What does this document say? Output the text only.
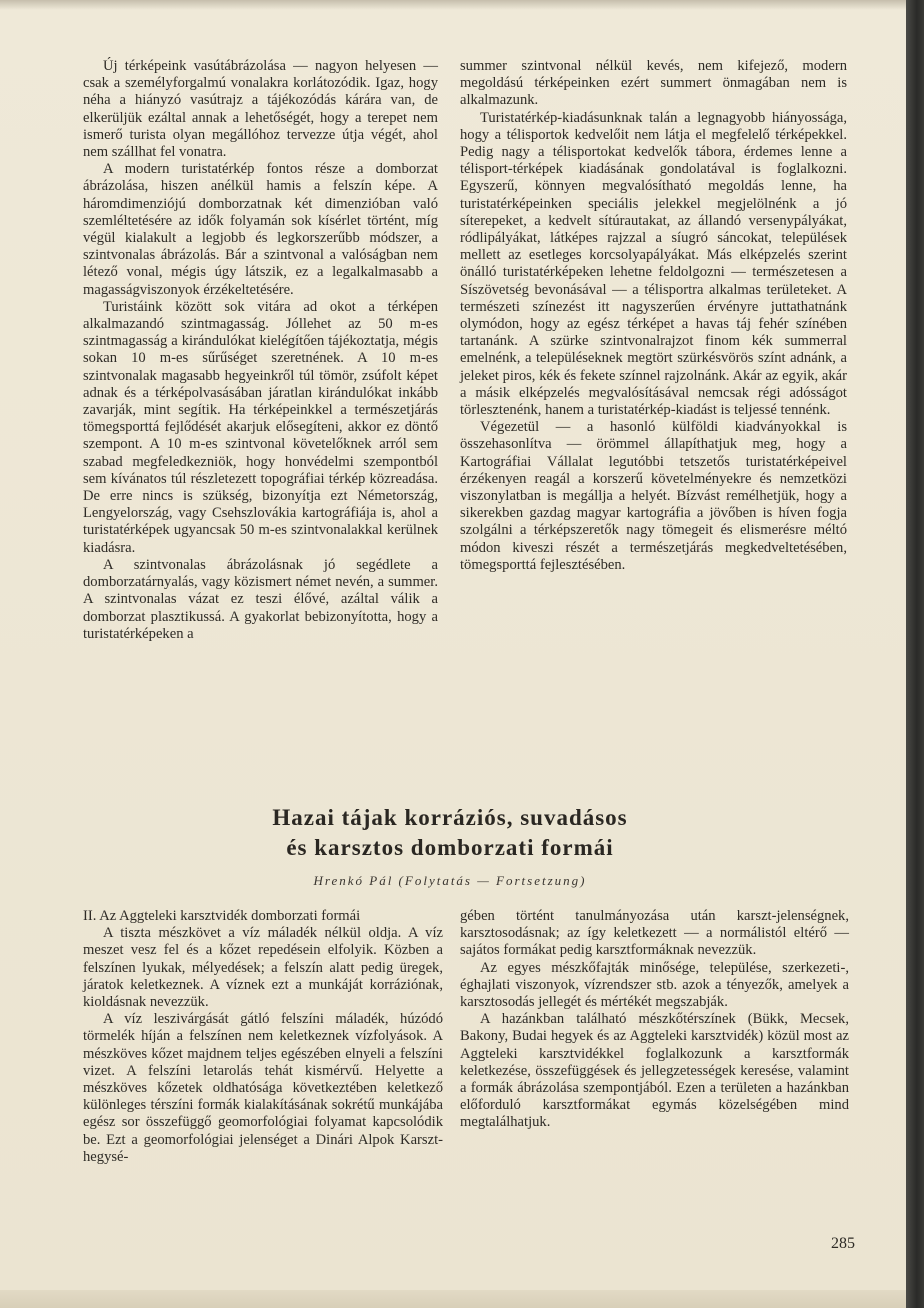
Új térképeink vasútábrázolása — nagyon helyesen — csak a személyforgalmú vonalakra korlátozódik. Igaz, hogy néha a hiányzó vasútrajz a tájékozódás kárára van, de elkerüljük ezáltal annak a lehetőségét, hogy a terepet nem ismerő turista olyan megállóhoz tervezze útja végét, ahol nem szállhat fel vonatra.

A modern turistatérkép fontos része a domborzat ábrázolása, hiszen anélkül hamis a felszín képe. A háromdimenziójú domborzatnak két dimenzióban való szemléltetésére az idők folyamán sok kísérlet történt, míg végül kialakult a legjobb és legkorszerűbb módszer, a szintvonalas ábrázolás. Bár a szintvonal a valóságban nem létező vonal, mégis úgy látszik, ez a legalkalmasabb a magasságviszonyok érzékeltetésére.

Turistáink között sok vitára ad okot a térképen alkalmazandó szintmagasság. Jóllehet az 50 m-es szintmagasság a kirándulókat kielégítően tájékoztatja, mégis sokan 10 m-es sűrűséget szeretnének. A 10 m-es szintvonalak magasabb hegyeinkről túl tömör, zsúfolt képet adnak és a térképolvasásában járatlan kirándulókat inkább zavarják, mint segítik. Ha térképeinkkel a természetjárás tömegsporttá fejlődését akarjuk elősegíteni, akkor ez döntő szempont. A 10 m-es szintvonal követelőknek arról sem szabad megfeledkezniök, hogy honvédelmi szempontból sem kívánatos túl részletezett topográfiai térkép közreadása. De erre nincs is szükség, bizonyítja ezt Németország, Lengyelország, vagy Csehszlovákia kartográfiája is, ahol a turistatérképek ugyancsak 50 m-es szintvonalakkal kerülnek kiadásra.

A szintvonalas ábrázolásnak jó segédlete a domborzatárnyalás, vagy közismert német nevén, a summer. A szintvonalas vázat ez teszi élővé, azáltal válik a domborzat plasztikussá. A gyakorlat bebizonyította, hogy a turistatérképeken a

summer szintvonal nélkül kevés, nem kifejező, modern megoldású térképeinken ezért summert önmagában nem is alkalmazunk.

Turistatérkép-kiadásunknak talán a legnagyobb hiányossága, hogy a télisportok kedvelőit nem látja el megfelelő térképekkel. Pedig nagy a télisportokat kedvelők tábora, érdemes lenne a télisport-térképek kiadásának gondolatával is foglalkozni. Egyszerű, könnyen megvalósítható megoldás lenne, ha turistatérképeinken speciális jelekkel megjelölnénk a jó síterepeket, a kedvelt sítúrautakat, az állandó versenypályákat, ródlipályákat, látképes rajzzal a síugró sáncokat, települések mellett az esetleges korcsolyapályákat. Más elképzelés szerint önálló turistatérképeken lehetne feldolgozni — természetesen a Síszövetség bevonásával — a télisportra alkalmas területeket. A természeti színezést itt nagyszerűen érvényre juttathatnánk olymódon, hogy az egész térképet a havas táj fehér színében tartanánk. A szürke szintvonalrajzot finom kék summerral emelnénk, a településeknek megtört szürkésvörös színt adnánk, a jeleket piros, kék és fekete színnel rajzolnánk. Akár az egyik, akár a másik elképzelés megvalósításával nemcsak régi adósságot törlesztenénk, hanem a turistatérkép-kiadást is teljessé tennénk.

Végezetül — a hasonló külföldi kiadványokkal is összehasonlítva — örömmel állapíthatjuk meg, hogy a Kartográfiai Vállalat legutóbbi tetszetős turistatérképeivel érzékenyen reagál a korszerű követelményekre és nemzetközi viszonylatban is megállja a helyét. Bízvást remélhetjük, hogy a sikerekben gazdag magyar kartográfia a jövőben is híven fogja szolgálni a térképszeretők nagy tömegeit és elismerésre méltó módon kiveszi részét a természetjárás megkedveltetésében, tömegsporttá fejlesztésében.

Hazai tájak korráziós, suvadásos
és karsztos domborzati formái
Hrenkó Pál (Folytatás — Fortsetzung)

II. Az Aggteleki karsztvidék domborzati formái

A tiszta mészkövet a víz máladék nélkül oldja. A víz meszet vesz fel és a kőzet repedésein elfolyik. Közben a felszínen lyukak, mélyedések; a felszín alatt pedig üregek, járatok keletkeznek. A víznek ezt a munkáját korráziónak, kioldásnak nevezzük.

A víz leszivárgását gátló felszíni máladék, húzódó törmelék híján a felszínen nem keletkeznek vízfolyások. A mészköves kőzet majdnem teljes egészében elnyeli a felszíni vizet. A felszíni letarolás tehát kismérvű. Helyette a mészköves kőzetek oldhatósága következtében keletkező különleges térszíni formák kialakításának sokrétű munkájába egész sor összefüggő geomorfológiai folyamat kapcsolódik be. Ezt a geomorfológiai jelenséget a Dinári Alpok Karszt-hegysé-

gében történt tanulmányozása után karszt-jelenségnek, karsztosodásnak; az így keletkezett — a normálistól eltérő — sajátos formákat pedig karsztformáknak nevezzük.

Az egyes mészkőfajták minősége, települése, szerkezeti-, éghajlati viszonyok, vízrendszer stb. azok a tényezők, amelyek a karsztosodás jellegét és mértékét megszabják.

A hazánkban található mészkőtérszínek (Bükk, Mecsek, Bakony, Budai hegyek és az Aggteleki karsztvidék) közül most az Aggteleki karsztvidékkel foglalkozunk a karsztformák keletkezése, összefüggések és jellegzetességek keresése, valamint a formák ábrázolása szempontjából. Ezen a területen a hazánkban előforduló karsztformákat egymás közelségében mind megtalálhatjuk.

285
